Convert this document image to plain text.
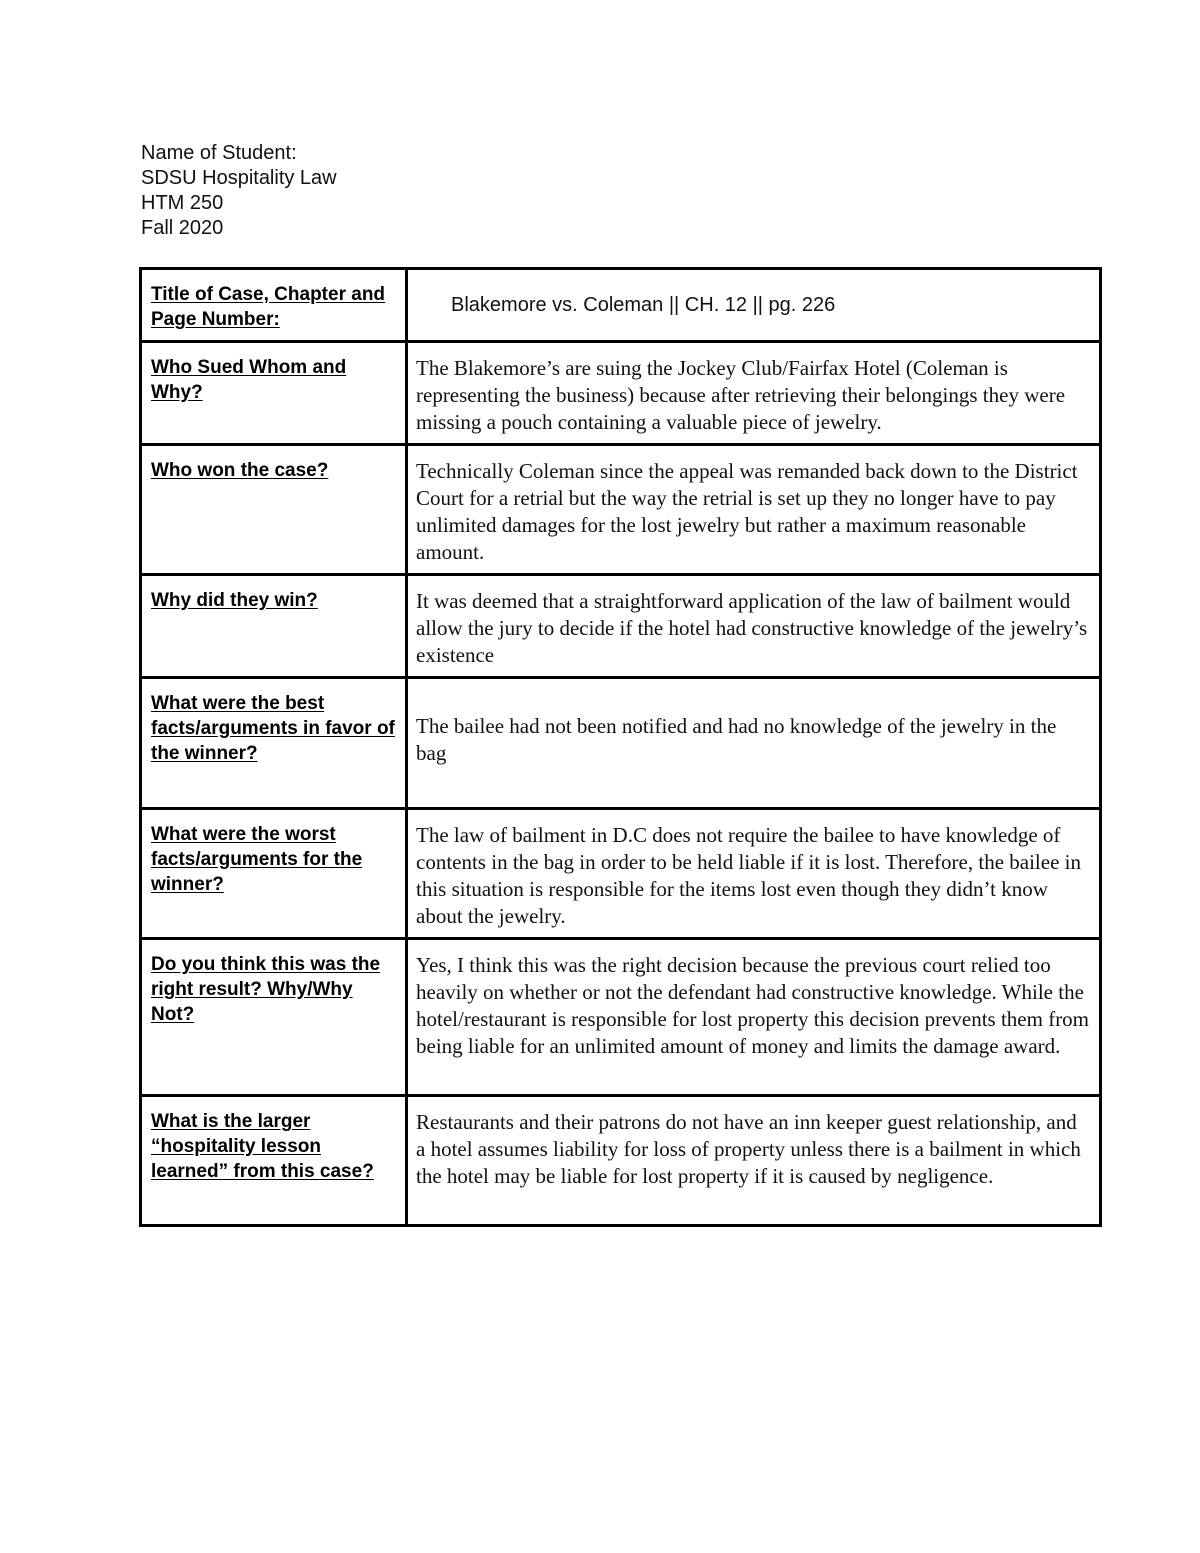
Name of Student:
SDSU Hospitality Law
HTM 250
Fall 2020
Title of Case, Chapter and Page Number:	Blakemore vs. Coleman || CH. 12 || pg. 226
Who Sued Whom and Why?	The Blakemore’s are suing the Jockey Club/Fairfax Hotel (Coleman is representing the business) because after retrieving their belongings they were missing a pouch containing a valuable piece of jewelry.
Who won the case?	Technically Coleman since the appeal was remanded back down to the District Court for a retrial but the way the retrial is set up they no longer have to pay unlimited damages for the lost jewelry but rather a maximum reasonable amount.
Why did they win?	It was deemed that a straightforward application of the law of bailment would allow the jury to decide if the hotel had constructive knowledge of the jewelry’s existence
What were the best facts/arguments in favor of the winner?	The bailee had not been notified and had no knowledge of the jewelry in the bag
What were the worst facts/arguments for the winner?	The law of bailment in D.C does not require the bailee to have knowledge of contents in the bag in order to be held liable if it is lost. Therefore, the bailee in this situation is responsible for the items lost even though they didn’t know about the jewelry.
Do you think this was the right result? Why/Why Not?	Yes, I think this was the right decision because the previous court relied too heavily on whether or not the defendant had constructive knowledge. While the hotel/restaurant is responsible for lost property this decision prevents them from being liable for an unlimited amount of money and limits the damage award.
What is the larger “hospitality lesson learned” from this case?	Restaurants and their patrons do not have an inn keeper guest relationship, and a hotel assumes liability for loss of property unless there is a bailment in which the hotel may be liable for lost property if it is caused by negligence.
